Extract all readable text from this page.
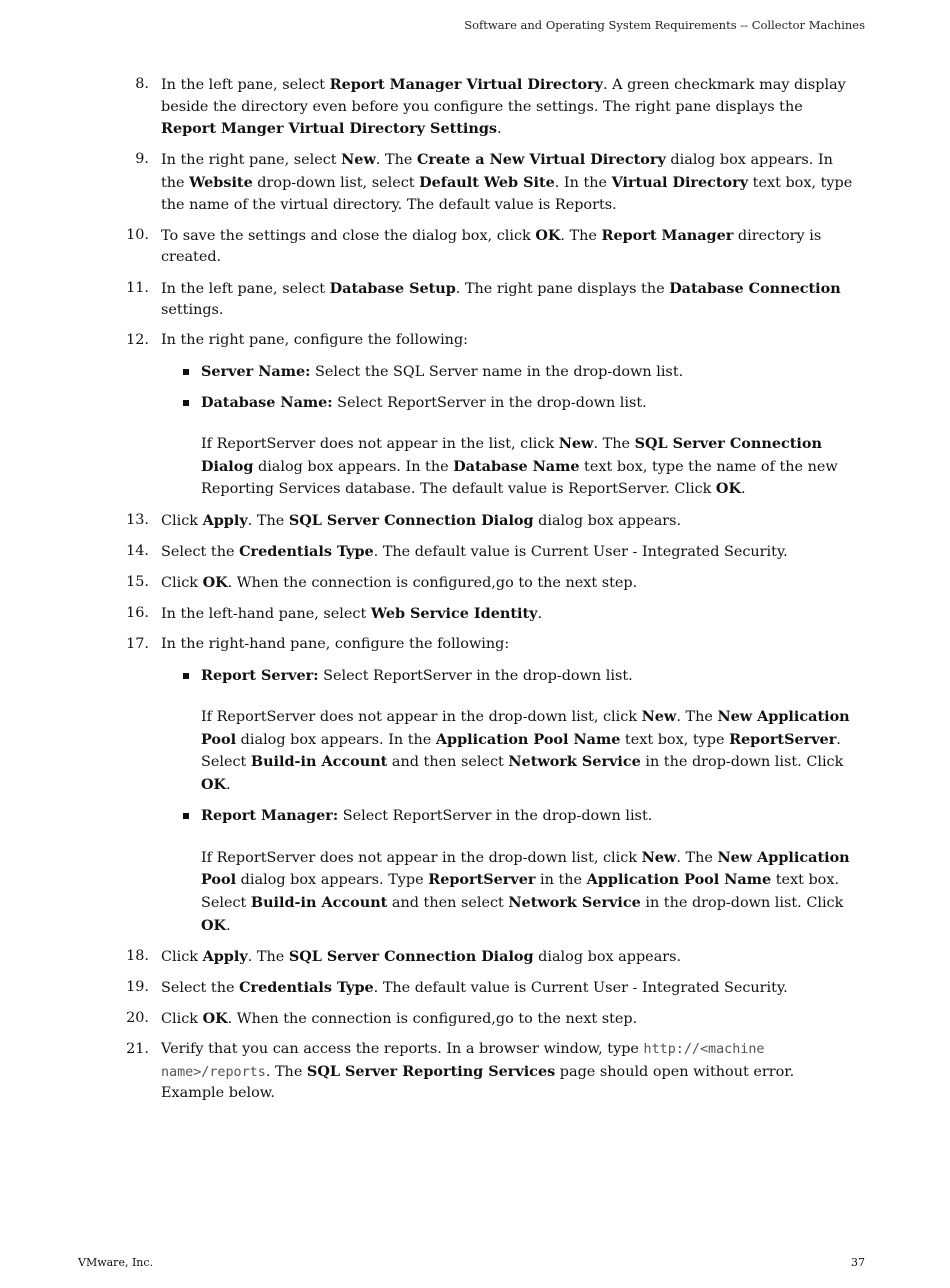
Software and Operating System Requirements -- Collector Machines
8. In the left pane, select Report Manager Virtual Directory. A green checkmark may display beside the directory even before you configure the settings. The right pane displays the Report Manger Virtual Directory Settings.

9. In the right pane, select New. The Create a New Virtual Directory dialog box appears. In the Website drop-down list, select Default Web Site. In the Virtual Directory text box, type the name of the virtual directory. The default value is Reports.

10. To save the settings and close the dialog box, click OK. The Report Manager directory is created.

11. In the left pane, select Database Setup. The right pane displays the Database Connection settings.

12. In the right pane, configure the following:

Server Name: Select the SQL Server name in the drop-down list.

Database Name: Select ReportServer in the drop-down list.

If ReportServer does not appear in the list, click New. The SQL Server Connection Dialog dialog box appears. In the Database Name text box, type the name of the new Reporting Services database. The default value is ReportServer. Click OK.

13. Click Apply. The SQL Server Connection Dialog dialog box appears.

14. Select the Credentials Type. The default value is Current User - Integrated Security.

15. Click OK. When the connection is configured,go to the next step.

16. In the left-hand pane, select Web Service Identity.

17. In the right-hand pane, configure the following:

Report Server: Select ReportServer in the drop-down list.

If ReportServer does not appear in the drop-down list, click New. The New Application Pool dialog box appears. In the Application Pool Name text box, type ReportServer. Select Build-in Account and then select Network Service in the drop-down list. Click OK.

Report Manager: Select ReportServer in the drop-down list.

If ReportServer does not appear in the drop-down list, click New. The New Application Pool dialog box appears. Type ReportServer in the Application Pool Name text box. Select Build-in Account and then select Network Service in the drop-down list. Click OK.

18. Click Apply. The SQL Server Connection Dialog dialog box appears.

19. Select the Credentials Type. The default value is Current User - Integrated Security.

20. Click OK. When the connection is configured,go to the next step.

21. Verify that you can access the reports. In a browser window, type http://<machine name>/reports. The SQL Server Reporting Services page should open without error. Example below.

VMware, Inc.	37
